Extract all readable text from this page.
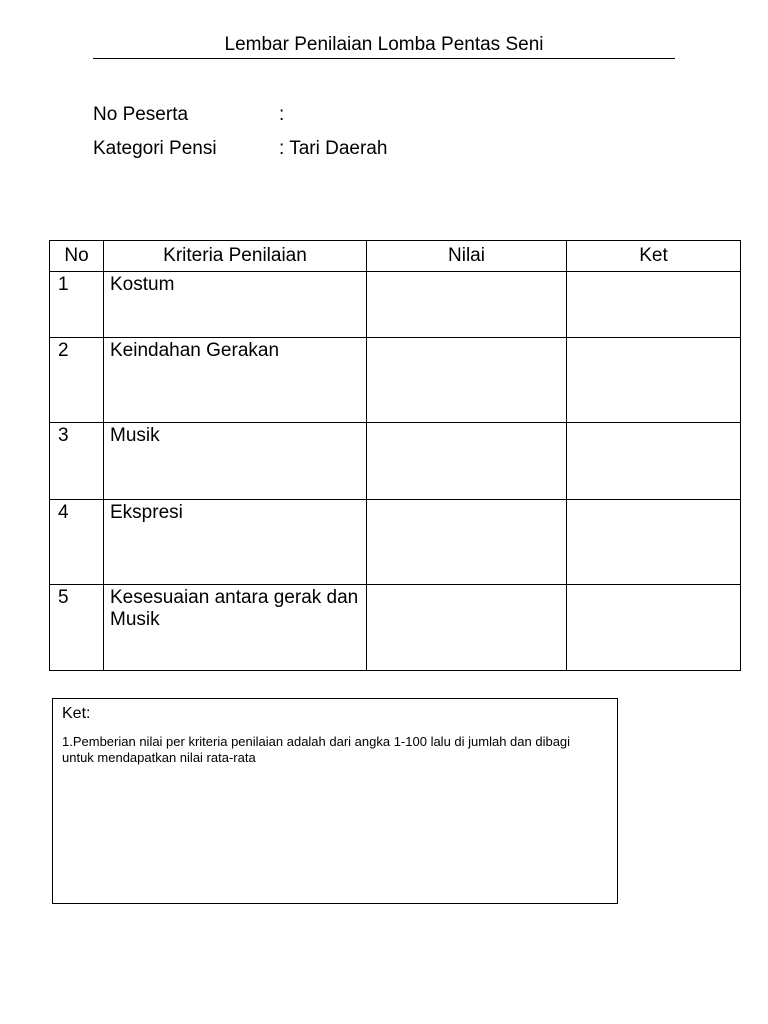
Lembar Penilaian Lomba Pentas Seni
No Peserta	:
Kategori Pensi	: Tari Daerah
No	Kriteria Penilaian	Nilai	Ket
1	Kostum		
2	Keindahan Gerakan		
3	Musik		
4	Ekspresi		
5	Kesesuaian antara gerak dan Musik		
Ket:
1.Pemberian nilai per kriteria penilaian adalah dari angka 1-100 lalu di jumlah dan dibagi untuk mendapatkan nilai rata-rata
